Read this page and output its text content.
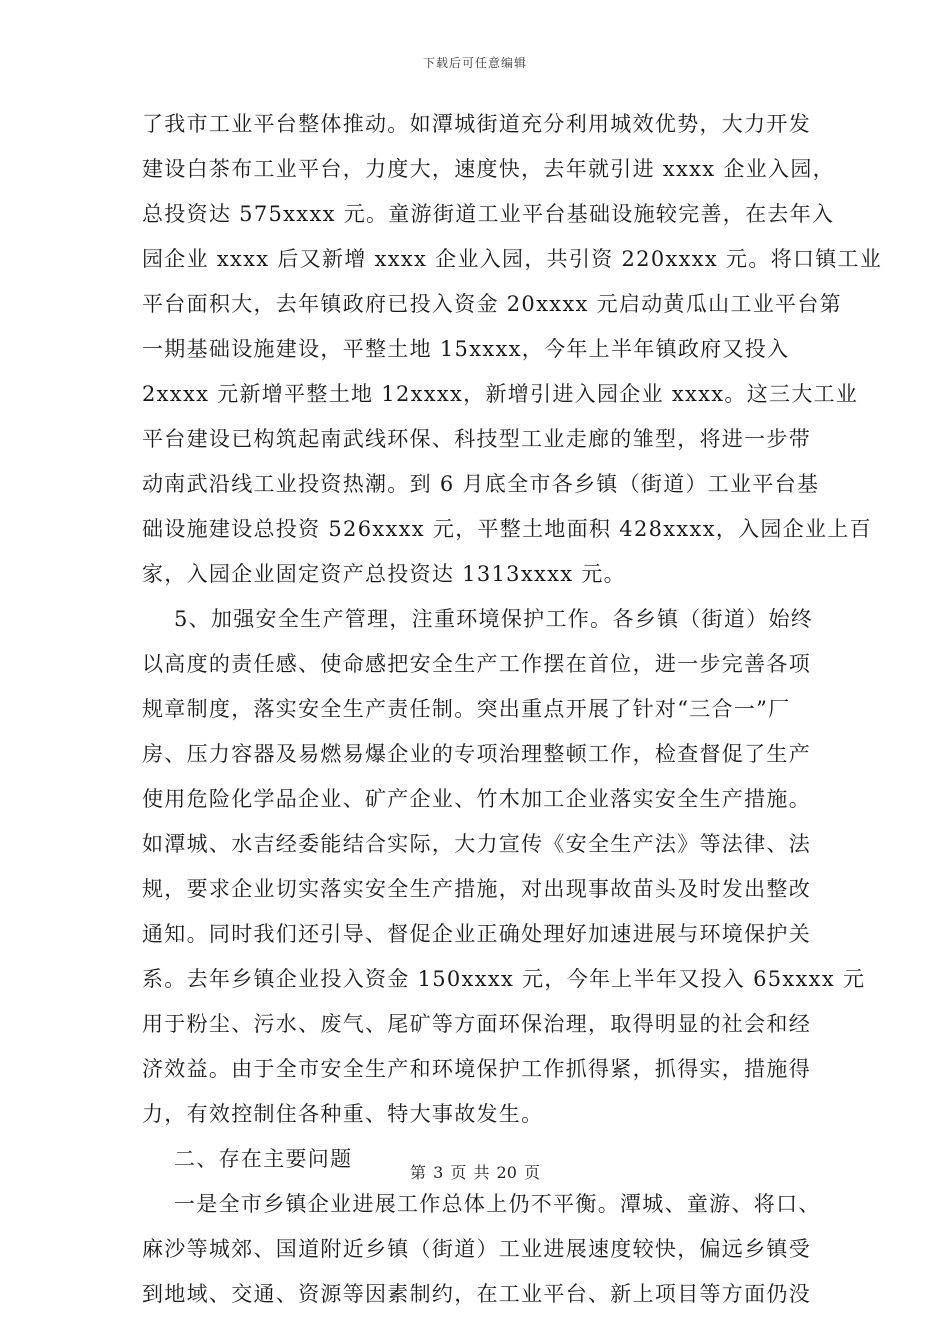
下载后可任意编辑
了我市工业平台整体推动。如潭城街道充分利用城效优势，大力开发
建设白茶布工业平台，力度大，速度快，去年就引进 xxxx 企业入园，
总投资达 575xxxx 元。童游街道工业平台基础设施较完善，在去年入
园企业 xxxx 后又新增 xxxx 企业入园，共引资 220xxxx 元。将口镇工业
平台面积大，去年镇政府已投入资金 20xxxx 元启动黄瓜山工业平台第
一期基础设施建设，平整土地 15xxxx，今年上半年镇政府又投入
2xxxx 元新增平整土地 12xxxx，新增引进入园企业 xxxx。这三大工业
平台建设已构筑起南武线环保、科技型工业走廊的雏型，将进一步带
动南武沿线工业投资热潮。到 6 月底全市各乡镇（街道）工业平台基
础设施建设总投资 526xxxx 元，平整土地面积 428xxxx，入园企业上百
家，入园企业固定资产总投资达 1313xxxx 元。
5、加强安全生产管理，注重环境保护工作。各乡镇（街道）始终
以高度的责任感、使命感把安全生产工作摆在首位，进一步完善各项
规章制度，落实安全生产责任制。突出重点开展了针对“三合一”厂
房、压力容器及易燃易爆企业的专项治理整顿工作，检查督促了生产
使用危险化学品企业、矿产企业、竹木加工企业落实安全生产措施。
如潭城、水吉经委能结合实际，大力宣传《安全生产法》等法律、法
规，要求企业切实落实安全生产措施，对出现事故苗头及时发出整改
通知。同时我们还引导、督促企业正确处理好加速进展与环境保护关
系。去年乡镇企业投入资金 150xxxx 元，今年上半年又投入 65xxxx 元
用于粉尘、污水、废气、尾矿等方面环保治理，取得明显的社会和经
济效益。由于全市安全生产和环境保护工作抓得紧，抓得实，措施得
力，有效控制住各种重、特大事故发生。
二、存在主要问题
一是全市乡镇企业进展工作总体上仍不平衡。潭城、童游、将口、
麻沙等城郊、国道附近乡镇（街道）工业进展速度较快，偏远乡镇受
到地域、交通、资源等因素制约，在工业平台、新上项目等方面仍没
第 3 页 共 20 页
